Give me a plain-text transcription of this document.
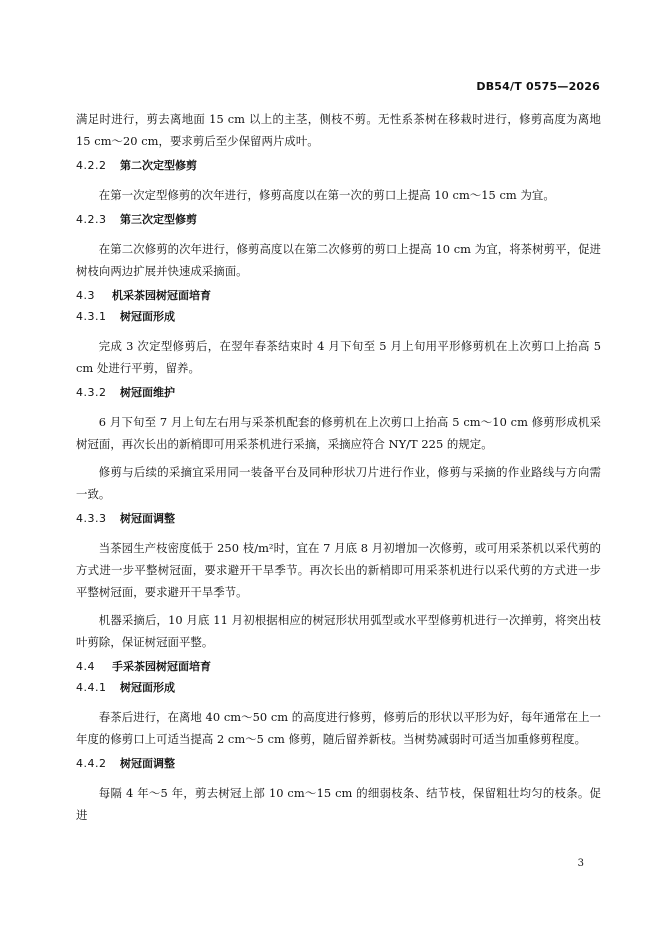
DB54/T 0575—2026

满足时进行，剪去离地面 15 cm 以上的主茎，侧枝不剪。无性系茶树在移栽时进行，修剪高度为离地 15 cm～20 cm，要求剪后至少保留两片成叶。

4.2.2 第二次定型修剪

在第一次定型修剪的次年进行，修剪高度以在第一次的剪口上提高 10 cm～15 cm 为宜。

4.2.3 第三次定型修剪

在第二次修剪的次年进行，修剪高度以在第二次修剪的剪口上提高 10 cm 为宜，将茶树剪平，促进树枝向两边扩展并快速成采摘面。

4.3 机采茶园树冠面培育
4.3.1 树冠面形成

完成 3 次定型修剪后，在翌年春茶结束时 4 月下旬至 5 月上旬用平形修剪机在上次剪口上抬高 5 cm 处进行平剪，留养。

4.3.2 树冠面维护

6 月下旬至 7 月上旬左右用与采茶机配套的修剪机在上次剪口上抬高 5 cm～10 cm 修剪形成机采树冠面，再次长出的新梢即可用采茶机进行采摘，采摘应符合 NY/T 225 的规定。

修剪与后续的采摘宜采用同一装备平台及同种形状刀片进行作业，修剪与采摘的作业路线与方向需一致。

4.3.3 树冠面调整

当茶园生产枝密度低于 250 枝/m²时，宜在 7 月底 8 月初增加一次修剪，或可用采茶机以采代剪的方式进一步平整树冠面，要求避开干旱季节。再次长出的新梢即可用采茶机进行以采代剪的方式进一步平整树冠面，要求避开干旱季节。

机器采摘后，10 月底 11 月初根据相应的树冠形状用弧型或水平型修剪机进行一次掸剪，将突出枝叶剪除，保证树冠面平整。

4.4 手采茶园树冠面培育
4.4.1 树冠面形成

春茶后进行，在离地 40 cm～50 cm 的高度进行修剪，修剪后的形状以平形为好，每年通常在上一年度的修剪口上可适当提高 2 cm～5 cm 修剪，随后留养新枝。当树势减弱时可适当加重修剪程度。

4.4.2 树冠面调整

每隔 4 年～5 年，剪去树冠上部 10 cm～15 cm 的细弱枝条、结节枝，保留粗壮均匀的枝条。促进

3
